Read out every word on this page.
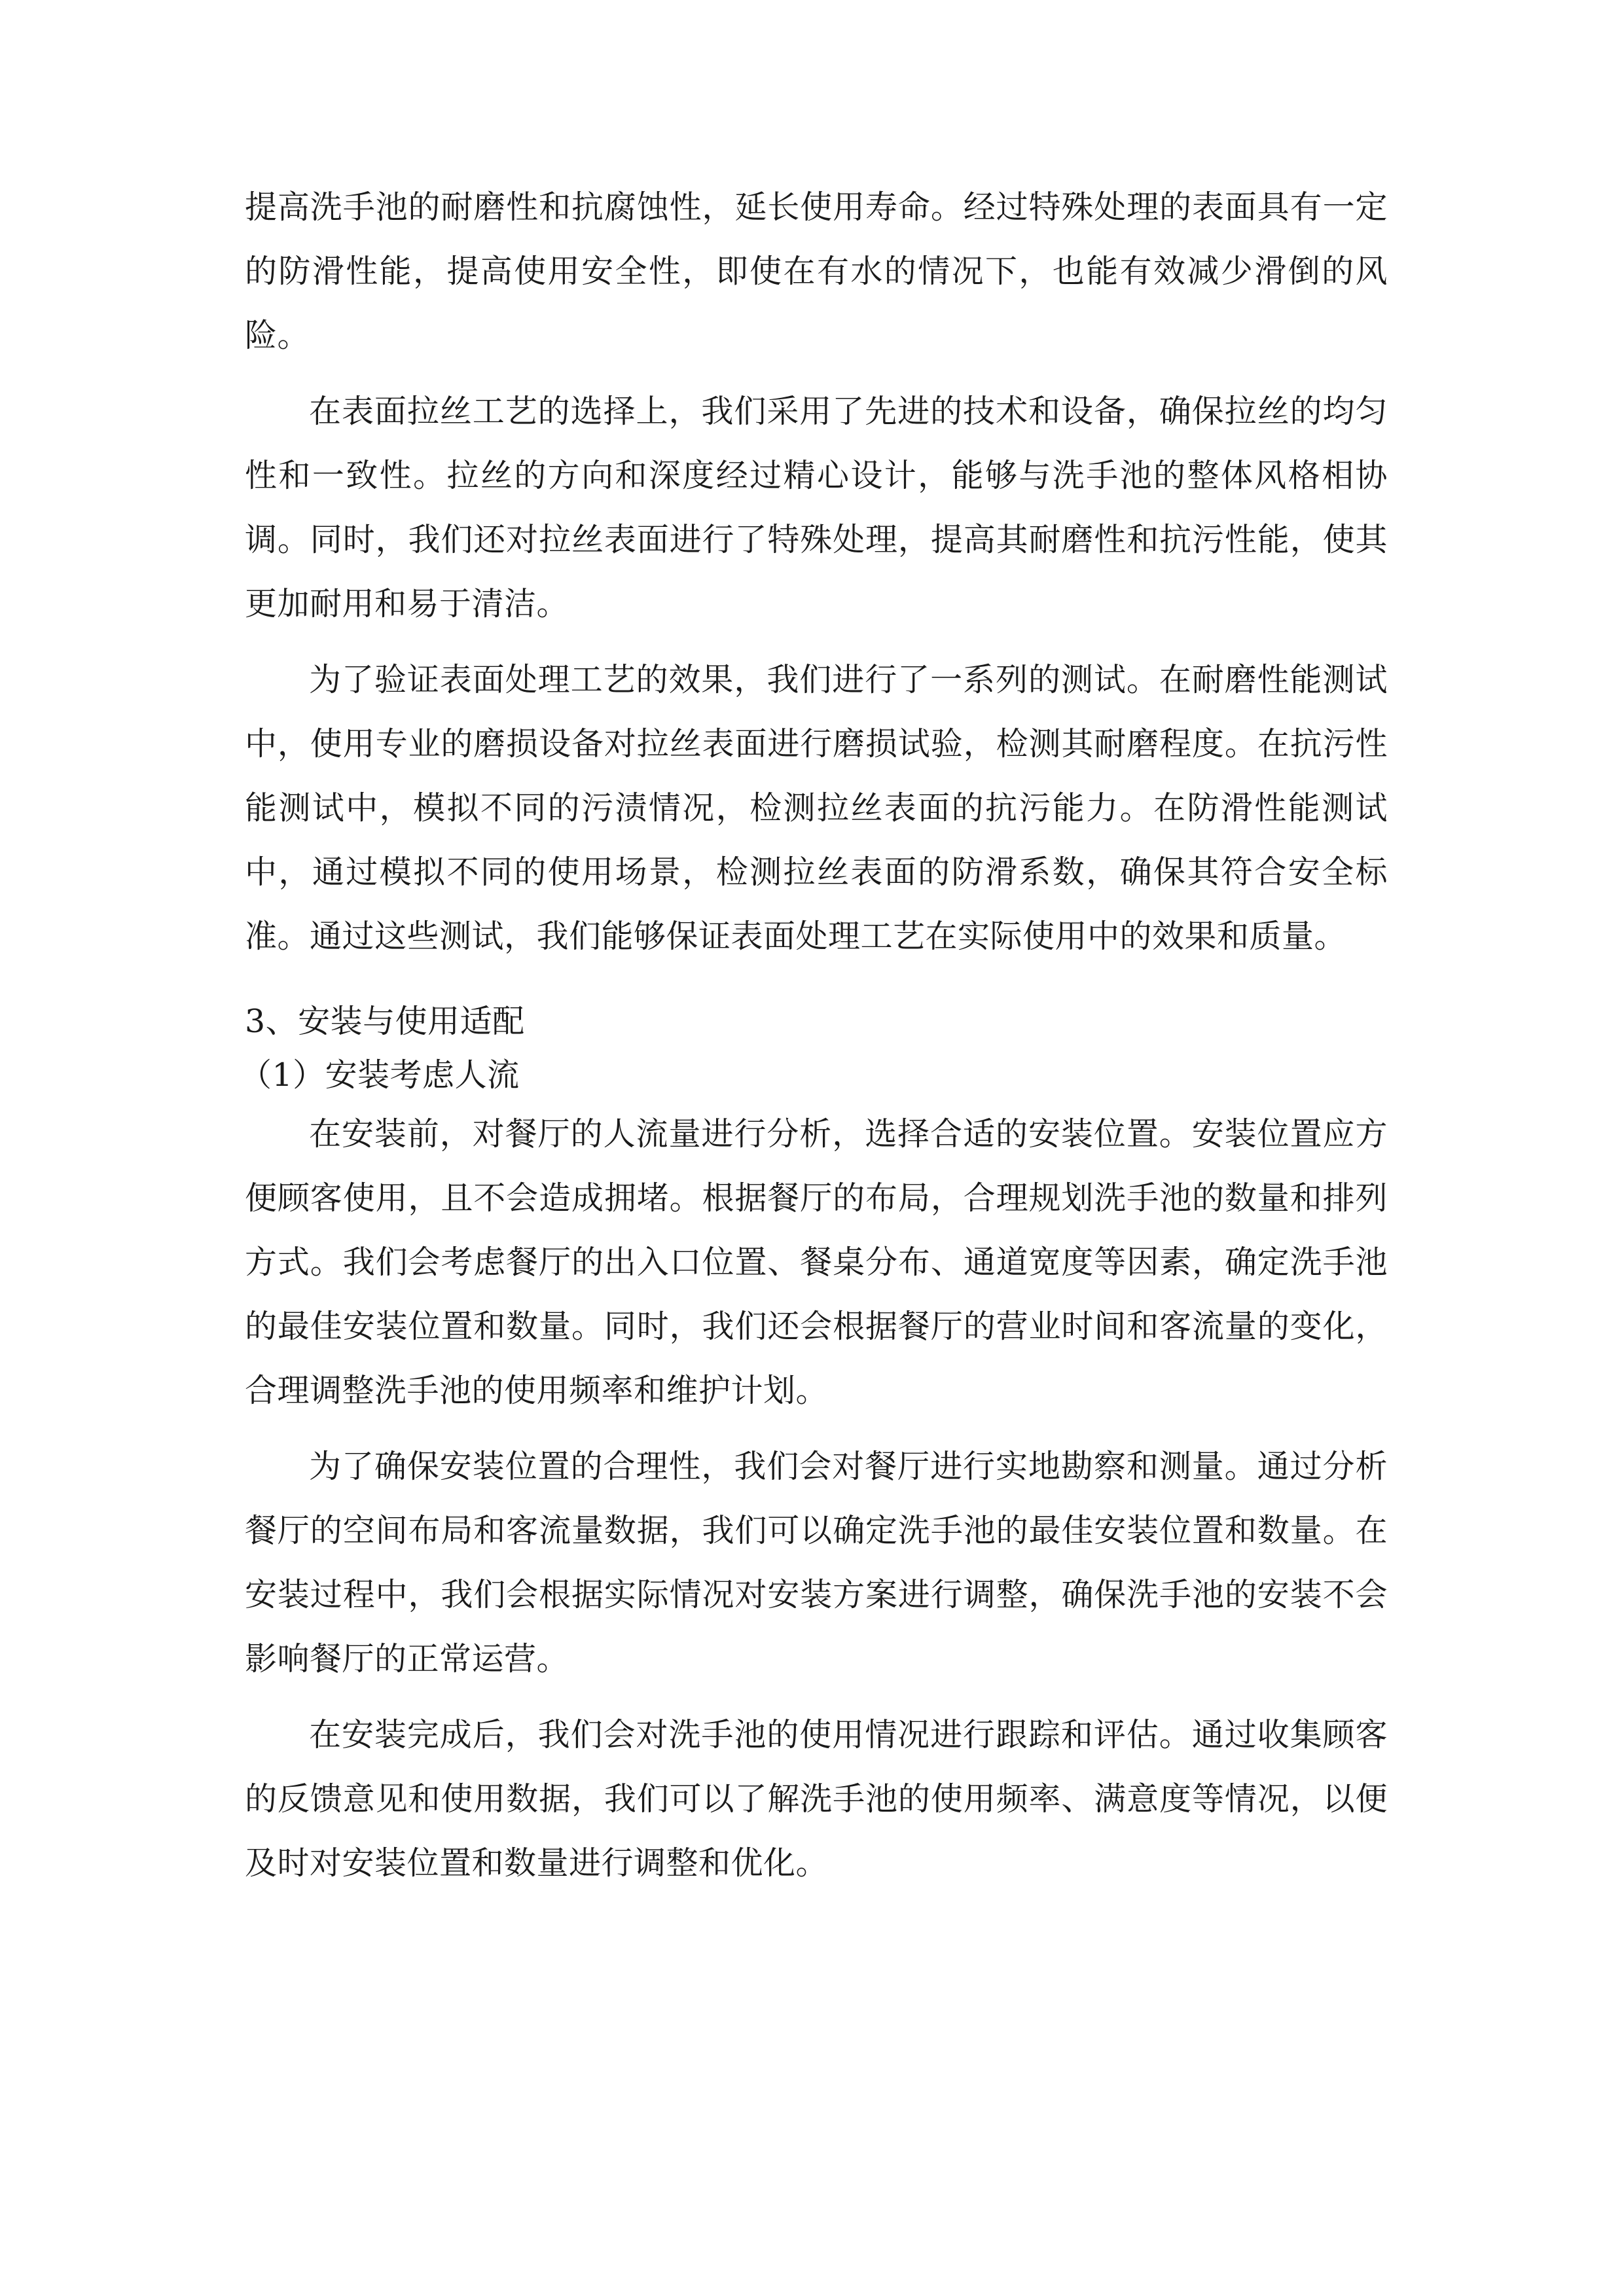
提高洗手池的耐磨性和抗腐蚀性，延长使用寿命。经过特殊处理的表面具有一定的防滑性能，提高使用安全性，即使在有水的情况下，也能有效减少滑倒的风险。

在表面拉丝工艺的选择上，我们采用了先进的技术和设备，确保拉丝的均匀性和一致性。拉丝的方向和深度经过精心设计，能够与洗手池的整体风格相协调。同时，我们还对拉丝表面进行了特殊处理，提高其耐磨性和抗污性能，使其更加耐用和易于清洁。

为了验证表面处理工艺的效果，我们进行了一系列的测试。在耐磨性能测试中，使用专业的磨损设备对拉丝表面进行磨损试验，检测其耐磨程度。在抗污性能测试中，模拟不同的污渍情况，检测拉丝表面的抗污能力。在防滑性能测试中，通过模拟不同的使用场景，检测拉丝表面的防滑系数，确保其符合安全标准。通过这些测试，我们能够保证表面处理工艺在实际使用中的效果和质量。

3、安装与使用适配

（1）安装考虑人流

在安装前，对餐厅的人流量进行分析，选择合适的安装位置。安装位置应方便顾客使用，且不会造成拥堵。根据餐厅的布局，合理规划洗手池的数量和排列方式。我们会考虑餐厅的出入口位置、餐桌分布、通道宽度等因素，确定洗手池的最佳安装位置和数量。同时，我们还会根据餐厅的营业时间和客流量的变化，合理调整洗手池的使用频率和维护计划。

为了确保安装位置的合理性，我们会对餐厅进行实地勘察和测量。通过分析餐厅的空间布局和客流量数据，我们可以确定洗手池的最佳安装位置和数量。在安装过程中，我们会根据实际情况对安装方案进行调整，确保洗手池的安装不会影响餐厅的正常运营。

在安装完成后，我们会对洗手池的使用情况进行跟踪和评估。通过收集顾客的反馈意见和使用数据，我们可以了解洗手池的使用频率、满意度等情况，以便及时对安装位置和数量进行调整和优化。
